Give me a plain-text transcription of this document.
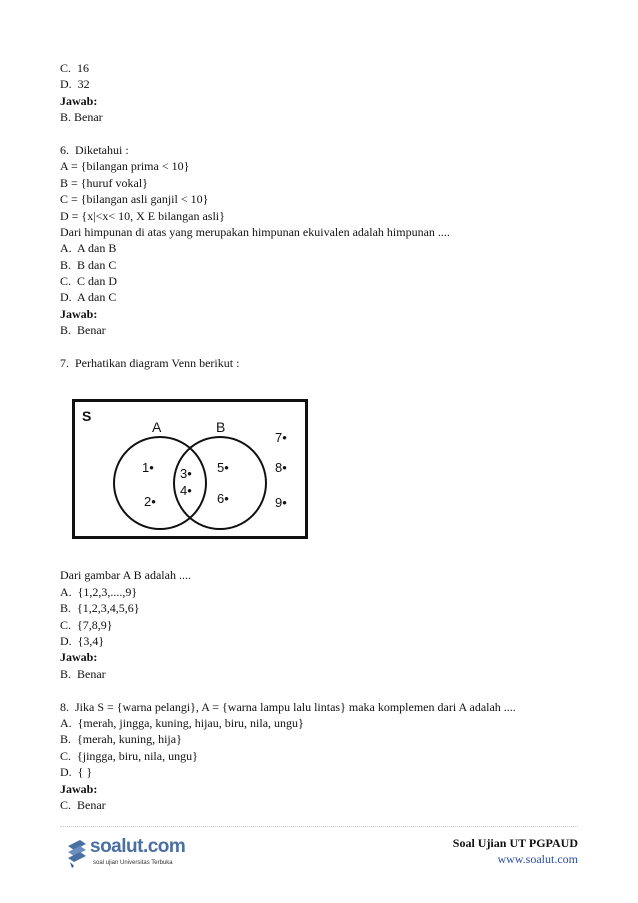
C.  16
D.  32
Jawab:
B. Benar
6.  Diketahui :
A = {bilangan prima < 10}
B = {huruf vokal}
C = {bilangan asli ganjil < 10}
D = {x|<x< 10, X E bilangan asli}
Dari himpunan di atas yang merupakan himpunan ekuivalen adalah himpunan ....
A.  A dan B
B.  B dan C
C.  C dan D
D.  A dan C
Jawab:
B.  Benar
7.  Perhatikan diagram Venn berikut :
Dari gambar A B adalah ....
A.  {1,2,3,....,9}
B.  {1,2,3,4,5,6}
C.  {7,8,9}
D.  {3,4}
Jawab:
B.  Benar
8.  Jika S = {warna pelangi}, A = {warna lampu lalu lintas} maka komplemen dari A adalah ....
A.  {merah, jingga, kuning, hijau, biru, nila, ungu}
B.  {merah, kuning, hija}
C.  {jingga, biru, nila, ungu}
D.  { }
Jawab:
C.  Benar
S
A	B
1•
2•
3•
4•
5•
6•
7•
8•
9•
soalut.com
soal ujian Universitas Terbuka
Soal Ujian UT PGPAUD
www.soalut.com
